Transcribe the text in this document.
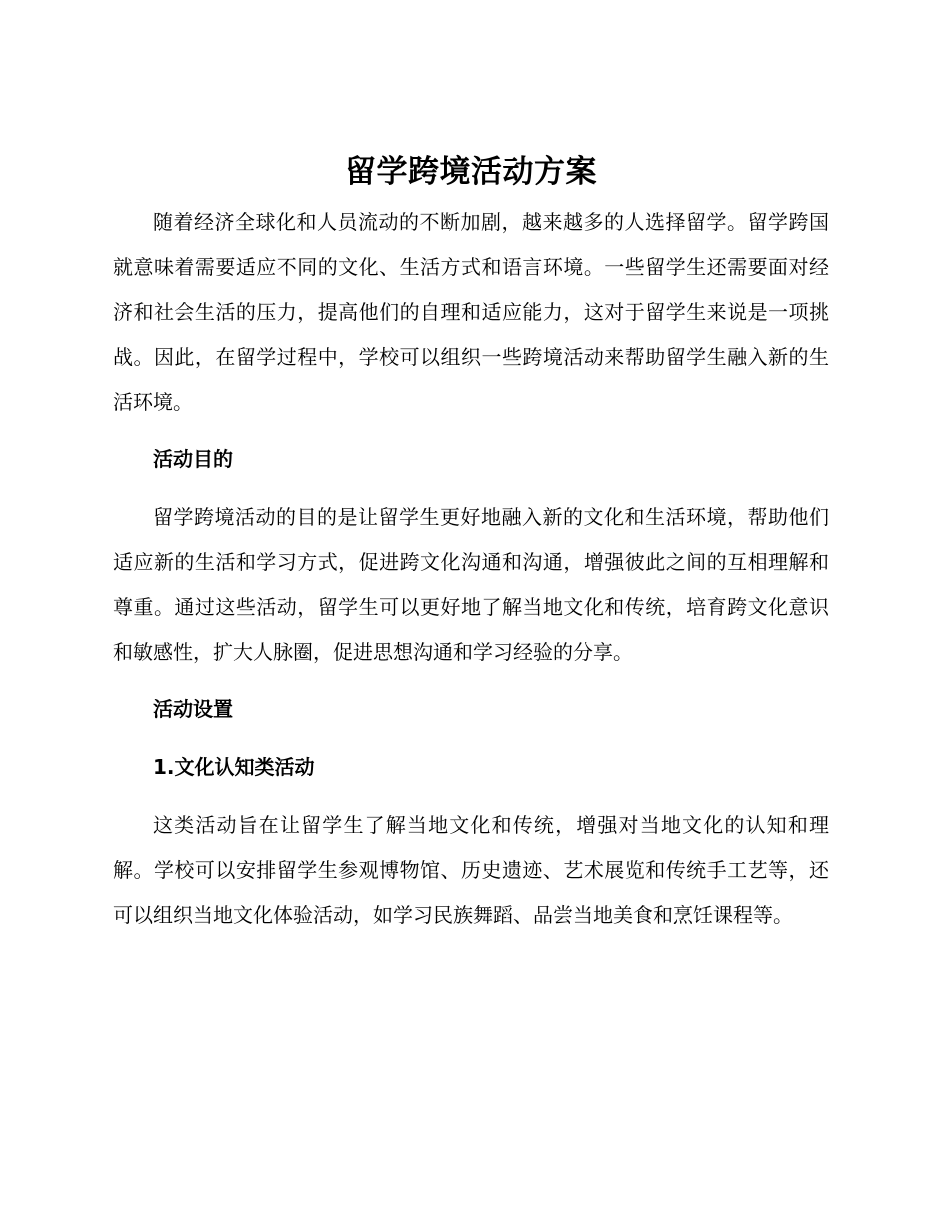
留学跨境活动方案

随着经济全球化和人员流动的不断加剧，越来越多的人选择留学。留学跨国就意味着需要适应不同的文化、生活方式和语言环境。一些留学生还需要面对经济和社会生活的压力，提高他们的自理和适应能力，这对于留学生来说是一项挑战。因此，在留学过程中，学校可以组织一些跨境活动来帮助留学生融入新的生活环境。

活动目的

留学跨境活动的目的是让留学生更好地融入新的文化和生活环境，帮助他们适应新的生活和学习方式，促进跨文化沟通和沟通，增强彼此之间的互相理解和尊重。通过这些活动，留学生可以更好地了解当地文化和传统，培育跨文化意识和敏感性，扩大人脉圈，促进思想沟通和学习经验的分享。

活动设置
1.文化认知类活动

这类活动旨在让留学生了解当地文化和传统，增强对当地文化的认知和理解。学校可以安排留学生参观博物馆、历史遗迹、艺术展览和传统手工艺等，还可以组织当地文化体验活动，如学习民族舞蹈、品尝当地美食和烹饪课程等。
